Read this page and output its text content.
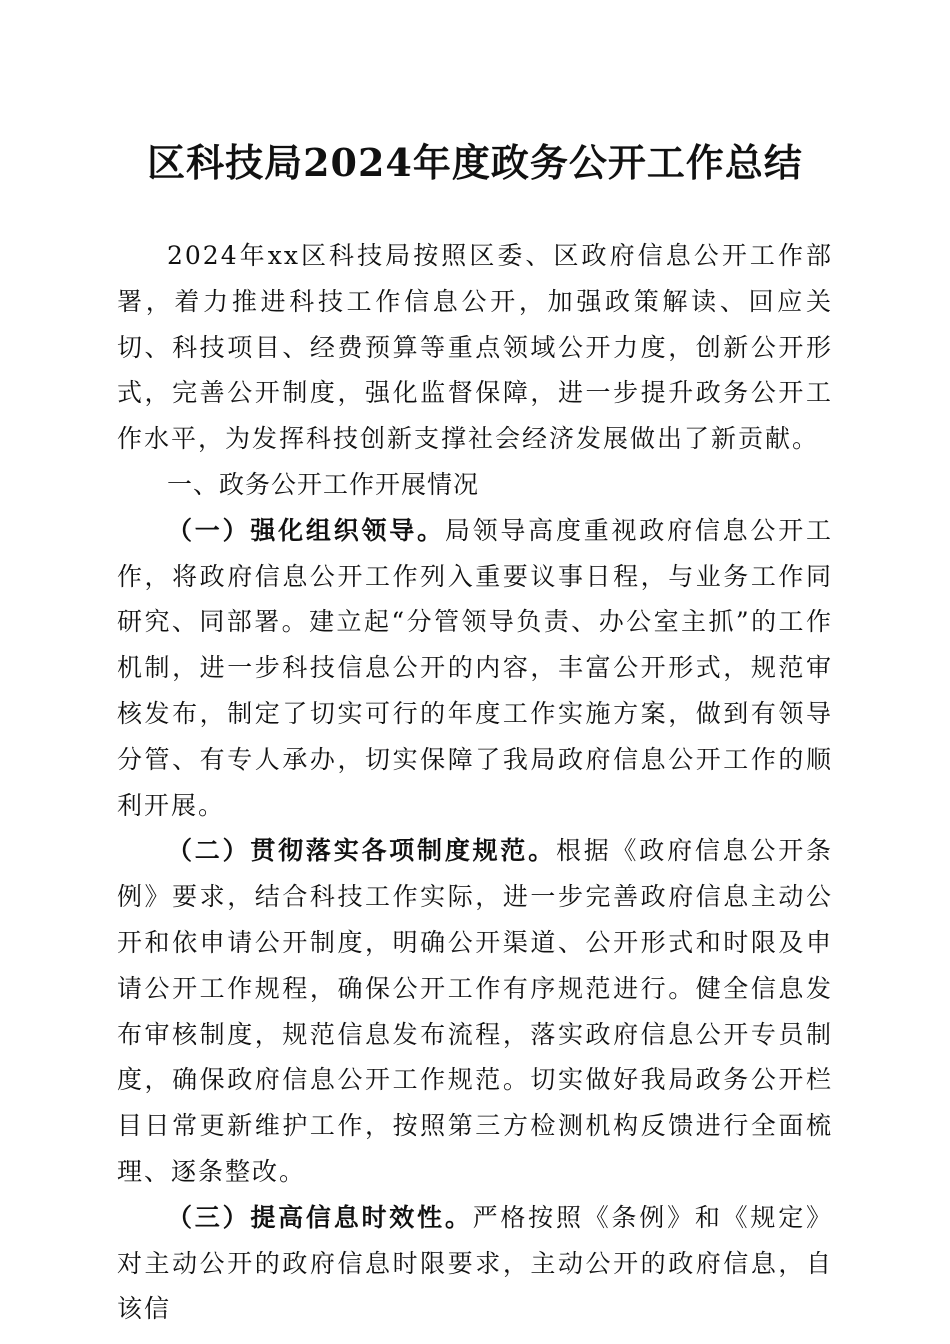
区科技局2024年度政务公开工作总结

2024年xx区科技局按照区委、区政府信息公开工作部署，着力推进科技工作信息公开，加强政策解读、回应关切、科技项目、经费预算等重点领域公开力度，创新公开形式，完善公开制度，强化监督保障，进一步提升政务公开工作水平，为发挥科技创新支撑社会经济发展做出了新贡献。

一、政务公开工作开展情况

（一）强化组织领导。局领导高度重视政府信息公开工作，将政府信息公开工作列入重要议事日程，与业务工作同研究、同部署。建立起“分管领导负责、办公室主抓”的工作机制，进一步科技信息公开的内容，丰富公开形式，规范审核发布，制定了切实可行的年度工作实施方案，做到有领导分管、有专人承办，切实保障了我局政府信息公开工作的顺利开展。

（二）贯彻落实各项制度规范。根据《政府信息公开条例》要求，结合科技工作实际，进一步完善政府信息主动公开和依申请公开制度，明确公开渠道、公开形式和时限及申请公开工作规程，确保公开工作有序规范进行。健全信息发布审核制度，规范信息发布流程，落实政府信息公开专员制度，确保政府信息公开工作规范。切实做好我局政务公开栏目日常更新维护工作，按照第三方检测机构反馈进行全面梳理、逐条整改。

（三）提高信息时效性。严格按照《条例》和《规定》对主动公开的政府信息时限要求，主动公开的政府信息，自该信
